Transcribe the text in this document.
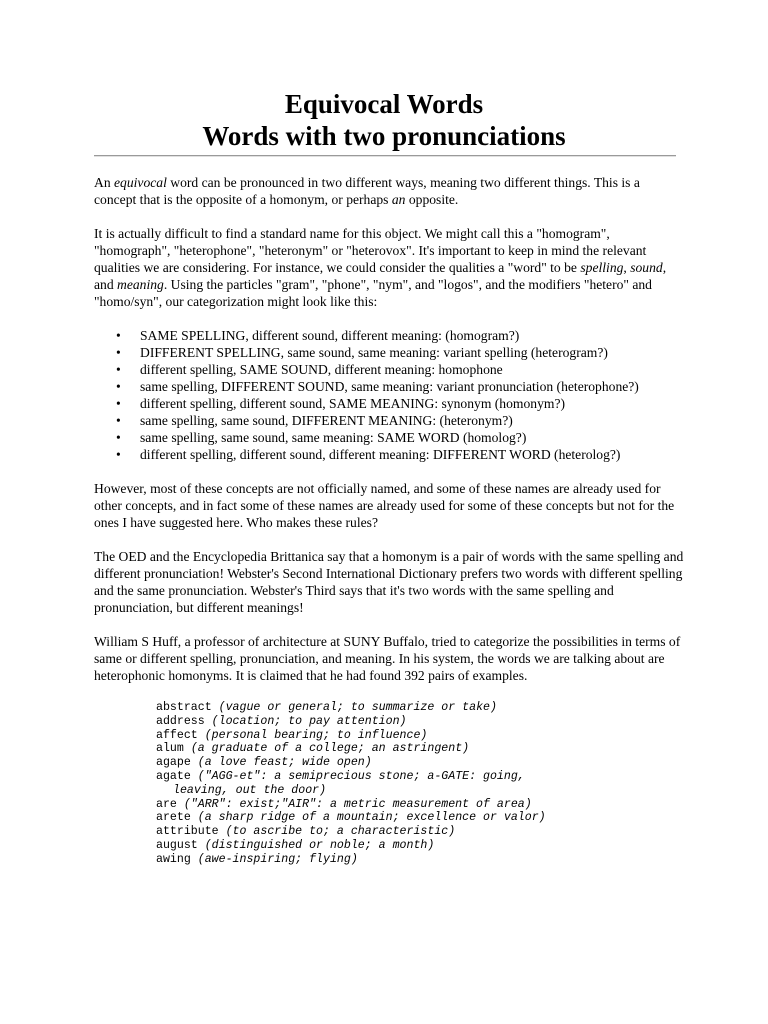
Equivocal Words
Words with two pronunciations

An equivocal word can be pronounced in two different ways, meaning two different things. This is a concept that is the opposite of a homonym, or perhaps an opposite.

It is actually difficult to find a standard name for this object. We might call this a "homogram", "homograph", "heterophone", "heteronym" or "heterovox". It's important to keep in mind the relevant qualities we are considering. For instance, we could consider the qualities a "word" to be spelling, sound, and meaning. Using the particles "gram", "phone", "nym", and "logos", and the modifiers "hetero" and "homo/syn", our categorization might look like this:

• SAME SPELLING, different sound, different meaning: (homogram?)
• DIFFERENT SPELLING, same sound, same meaning: variant spelling (heterogram?)
• different spelling, SAME SOUND, different meaning: homophone
• same spelling, DIFFERENT SOUND, same meaning: variant pronunciation (heterophone?)
• different spelling, different sound, SAME MEANING: synonym (homonym?)
• same spelling, same sound, DIFFERENT MEANING: (heteronym?)
• same spelling, same sound, same meaning: SAME WORD (homolog?)
• different spelling, different sound, different meaning: DIFFERENT WORD (heterolog?)

However, most of these concepts are not officially named, and some of these names are already used for other concepts, and in fact some of these names are already used for some of these concepts but not for the ones I have suggested here. Who makes these rules?

The OED and the Encyclopedia Brittanica say that a homonym is a pair of words with the same spelling and different pronunciation! Webster's Second International Dictionary prefers two words with different spelling and the same pronunciation. Webster's Third says that it's two words with the same spelling and pronunciation, but different meanings!

William S Huff, a professor of architecture at SUNY Buffalo, tried to categorize the possibilities in terms of same or different spelling, pronunciation, and meaning. In his system, the words we are talking about are heterophonic homonyms. It is claimed that he had found 392 pairs of examples.

abstract (vague or general; to summarize or take)
address (location; to pay attention)
affect (personal bearing; to influence)
alum (a graduate of a college; an astringent)
agape (a love feast; wide open)
agate ("AGG-et": a semiprecious stone; a-GATE: going,
leaving, out the door)
are ("ARR": exist;"AIR": a metric measurement of area)
arete (a sharp ridge of a mountain; excellence or valor)
attribute (to ascribe to; a characteristic)
august (distinguished or noble; a month)
awing (awe-inspiring; flying)
